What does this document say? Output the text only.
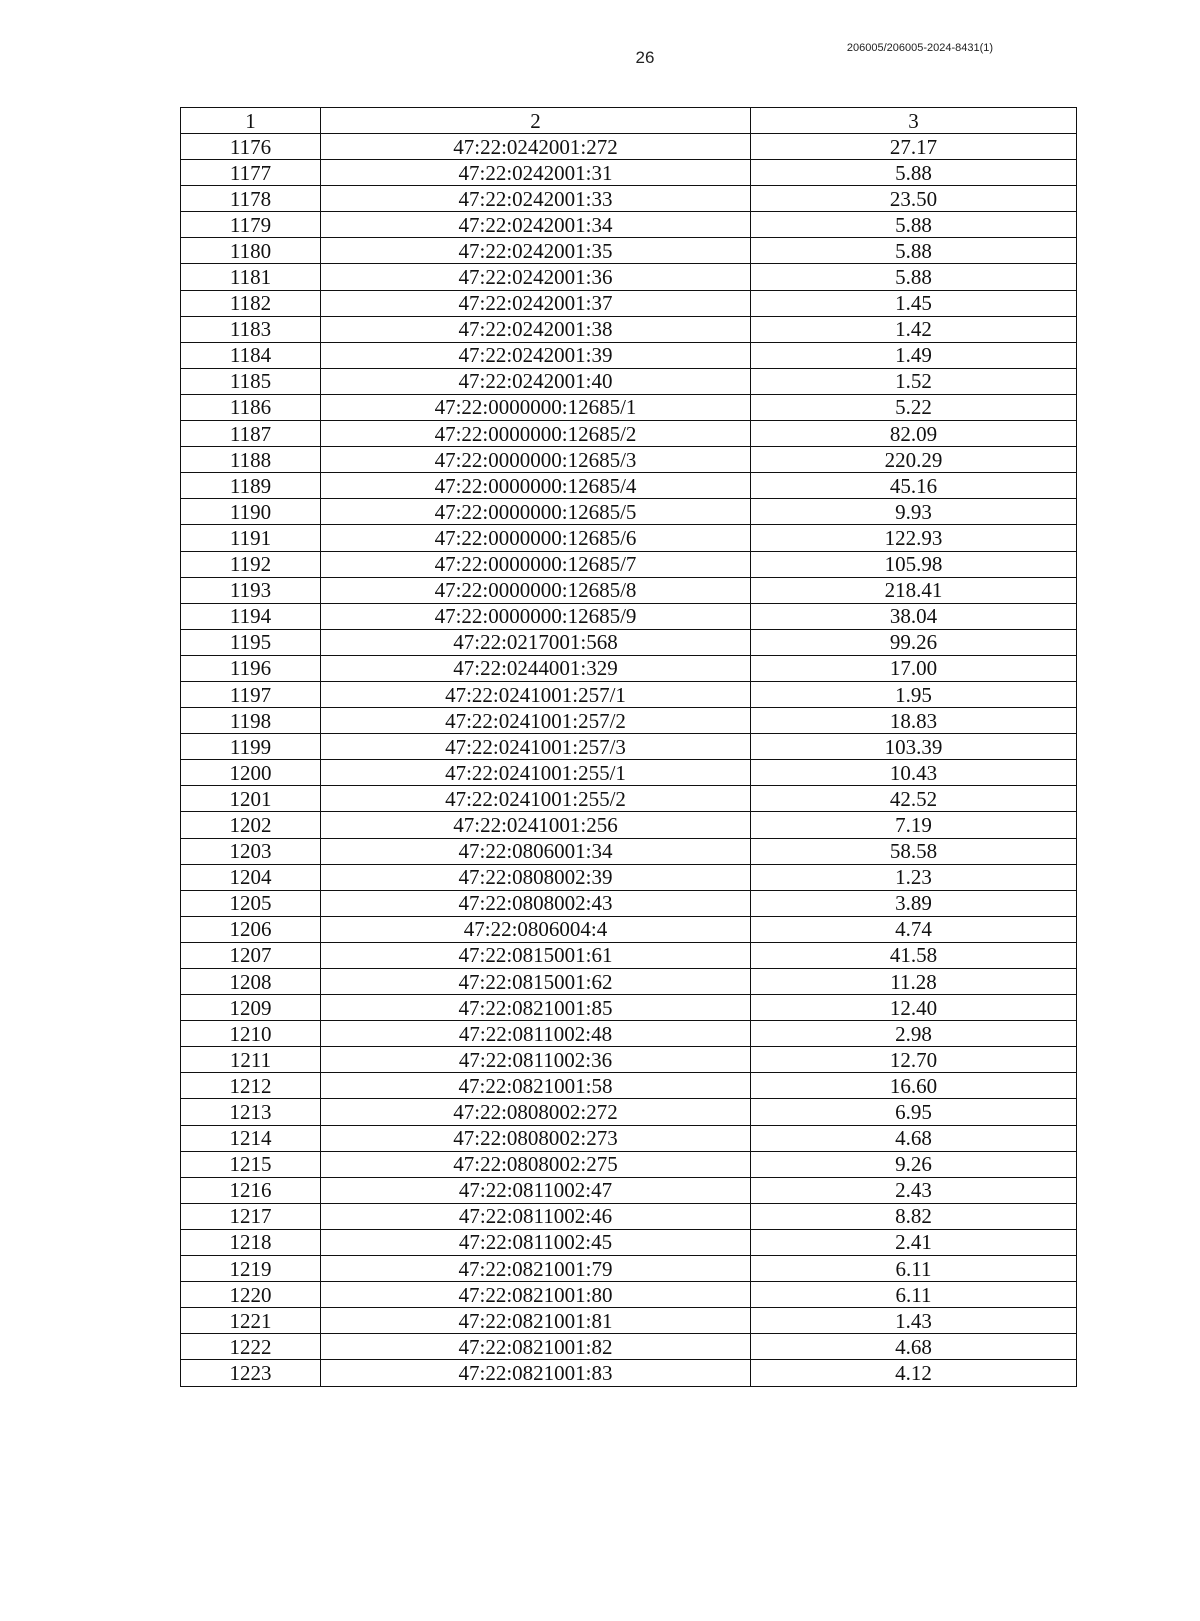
26	206005/206005-2024-8431(1)
1	2	3
1176	47:22:0242001:272	27.17
1177	47:22:0242001:31	5.88
1178	47:22:0242001:33	23.50
1179	47:22:0242001:34	5.88
1180	47:22:0242001:35	5.88
1181	47:22:0242001:36	5.88
1182	47:22:0242001:37	1.45
1183	47:22:0242001:38	1.42
1184	47:22:0242001:39	1.49
1185	47:22:0242001:40	1.52
1186	47:22:0000000:12685/1	5.22
1187	47:22:0000000:12685/2	82.09
1188	47:22:0000000:12685/3	220.29
1189	47:22:0000000:12685/4	45.16
1190	47:22:0000000:12685/5	9.93
1191	47:22:0000000:12685/6	122.93
1192	47:22:0000000:12685/7	105.98
1193	47:22:0000000:12685/8	218.41
1194	47:22:0000000:12685/9	38.04
1195	47:22:0217001:568	99.26
1196	47:22:0244001:329	17.00
1197	47:22:0241001:257/1	1.95
1198	47:22:0241001:257/2	18.83
1199	47:22:0241001:257/3	103.39
1200	47:22:0241001:255/1	10.43
1201	47:22:0241001:255/2	42.52
1202	47:22:0241001:256	7.19
1203	47:22:0806001:34	58.58
1204	47:22:0808002:39	1.23
1205	47:22:0808002:43	3.89
1206	47:22:0806004:4	4.74
1207	47:22:0815001:61	41.58
1208	47:22:0815001:62	11.28
1209	47:22:0821001:85	12.40
1210	47:22:0811002:48	2.98
1211	47:22:0811002:36	12.70
1212	47:22:0821001:58	16.60
1213	47:22:0808002:272	6.95
1214	47:22:0808002:273	4.68
1215	47:22:0808002:275	9.26
1216	47:22:0811002:47	2.43
1217	47:22:0811002:46	8.82
1218	47:22:0811002:45	2.41
1219	47:22:0821001:79	6.11
1220	47:22:0821001:80	6.11
1221	47:22:0821001:81	1.43
1222	47:22:0821001:82	4.68
1223	47:22:0821001:83	4.12
